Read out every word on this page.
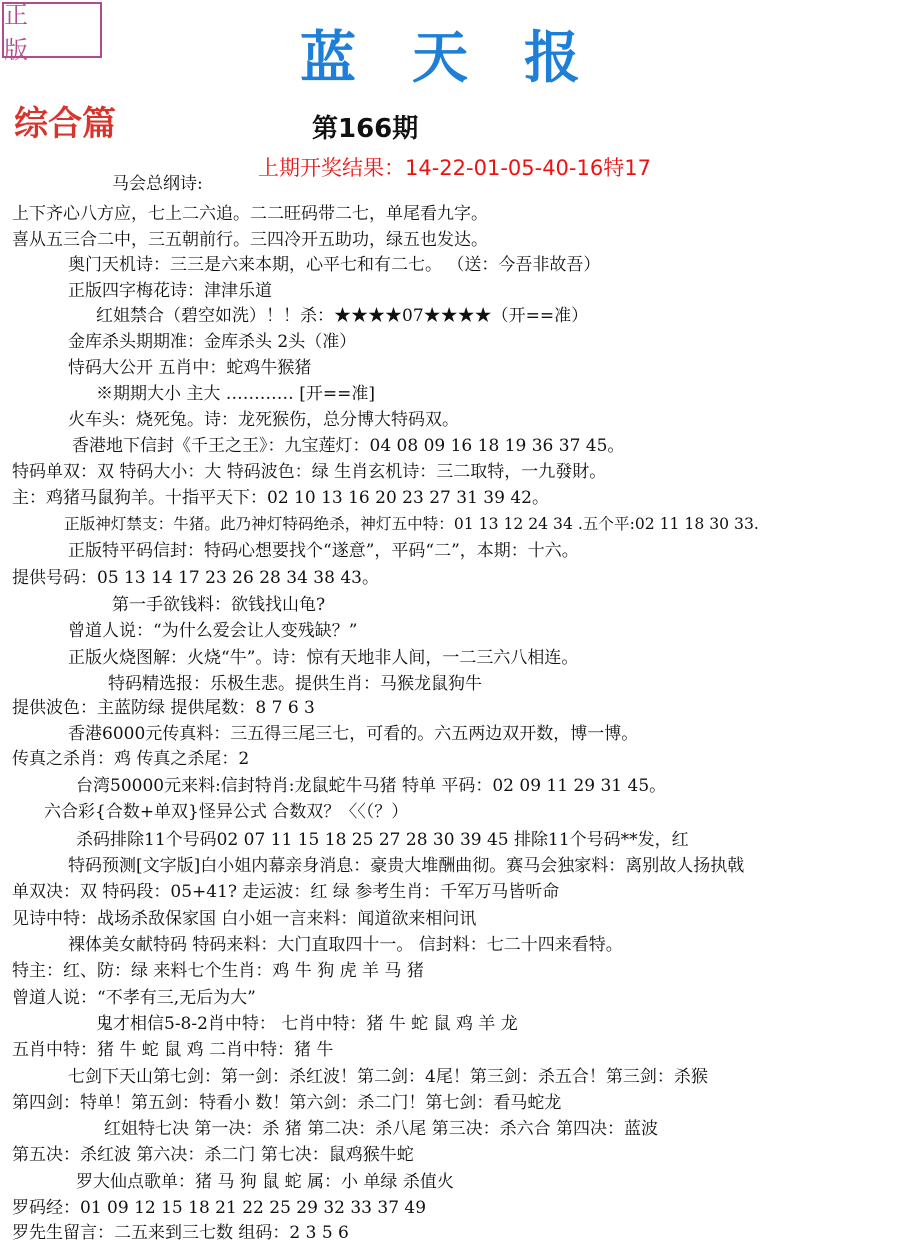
正 版	蓝天报
综合篇	第166期
上期开奖结果：14-22-01-05-40-16特17
马会总纲诗:
上下齐心八方应，七上二六追。二二旺码带二七，单尾看九字。
喜从五三合二中，三五朝前行。三四冷开五助功，绿五也发达。
奥门天机诗：三三是六来本期，心平七和有二七。 （送：今吾非故吾）
正版四字梅花诗：津津乐道
红姐禁合（碧空如洗）！！杀：★★★★07★★★★（开==准）
金库杀头期期准：金库杀头 2头（准）
恃码大公开 五肖中：蛇鸡牛猴猪
※期期大小 主大 ………… [开==准]
火车头：烧死兔。诗：龙死猴伤，总分博大特码双。
香港地下信封《千王之王》：九宝莲灯：04 08 09 16 18 19 36 37 45。
特码单双：双 特码大小：大 特码波色：绿 生肖玄机诗：三二取特，一九發財。
主：鸡猪马鼠狗羊。十指平天下：02 10 13 16 20 23 27 31 39 42。
正版神灯禁支：牛猪。此乃神灯特码绝杀，神灯五中特：01 13 12 24 34 .五个平:02 11 18 30 33.
正版特平码信封：特码心想要找个“遂意”，平码“二”，本期：十六。
提供号码：05 13 14 17 23 26 28 34 38 43。
第一手欲钱料：欲钱找山龟?
曾道人说：“为什么爱会让人变残缺？”
正版火烧图解：火烧“牛”。诗：惊有天地非人间，一二三六八相连。
特码精选报：乐极生悲。提供生肖：马猴龙鼠狗牛
提供波色：主蓝防绿 提供尾数：8 7 6 3
香港6000元传真料：三五得三尾三七，可看的。六五两边双开数，博一博。
传真之杀肖：鸡 传真之杀尾：2
台湾50000元来料:信封特肖:龙鼠蛇牛马猪 特单 平码：02 09 11 29 31 45。
六合彩{合数+单双}怪异公式 合数双？〈〈（？）
杀码排除11个号码02 07 11 15 18 25 27 28 30 39 45 排除11个号码**发，红
特码预测[文字版]白小姐内幕亲身消息：豪贵大堆酬曲彻。赛马会独家料：离别故人扬执戟
单双决：双 特码段：05+41? 走运波：红 绿 参考生肖：千军万马皆听命
见诗中特：战场杀敌保家国 白小姐一言来料：闻道欲来相问讯
裸体美女献特码 特码来料：大门直取四十一。 信封料：七二十四来看特。
特主：红、防：绿 来料七个生肖：鸡 牛 狗 虎 羊 马 猪
曾道人说：“不孝有三,无后为大”
鬼才相信5-8-2肖中特： 七肖中特：猪 牛 蛇 鼠 鸡 羊 龙
五肖中特：猪 牛 蛇 鼠 鸡 二肖中特：猪 牛
七剑下天山第七剑：第一剑：杀红波！第二剑：4尾！第三剑：杀五合！第三剑：杀猴
第四剑：特单！第五剑：特看小 数！第六剑：杀二门！第七剑：看马蛇龙
红姐特七决 第一决：杀 猪 第二决：杀八尾 第三决：杀六合 第四决：蓝波
第五决：杀红波 第六决：杀二门 第七决：鼠鸡猴牛蛇
罗大仙点歌单：猪 马 狗 鼠 蛇 属：小 单绿 杀值火
罗码经：01 09 12 15 18 21 22 25 29 32 33 37 49
罗先生留言：二五来到三七数 组码：2 3 5 6
